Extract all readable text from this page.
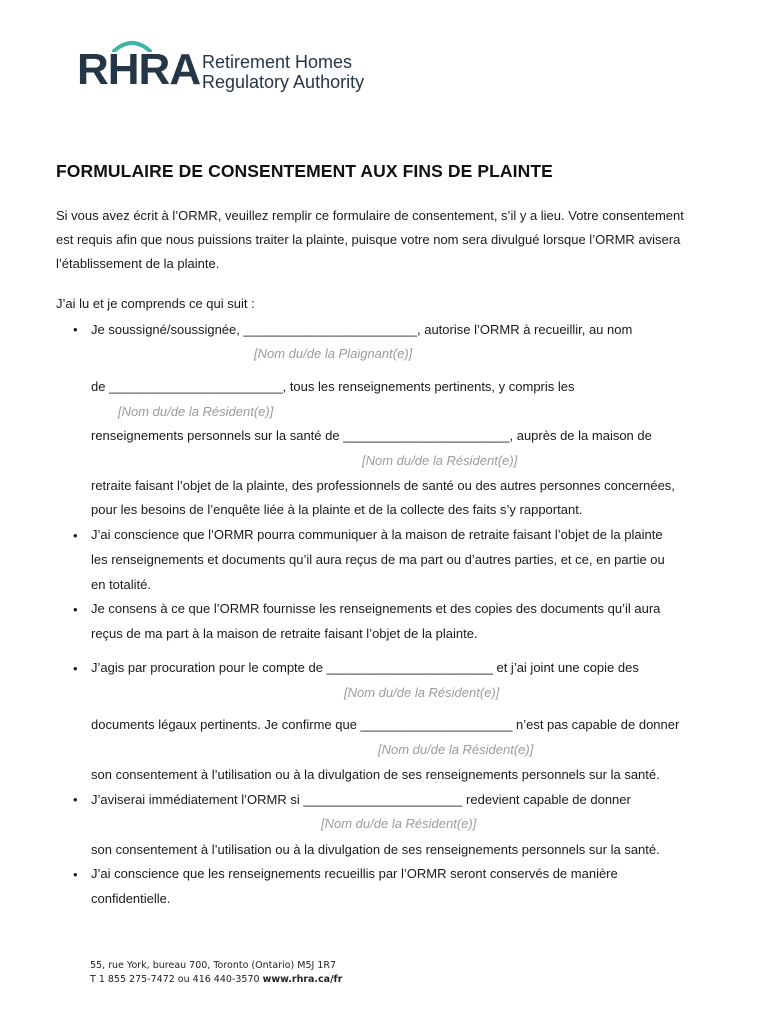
RHRA Retirement Homes
Regulatory Authority
FORMULAIRE DE CONSENTEMENT AUX FINS DE PLAINTE
Si vous avez écrit à l’ORMR, veuillez remplir ce formulaire de consentement, s’il y a lieu. Votre consentement
est requis afin que nous puissions traiter la plainte, puisque votre nom sera divulgué lorsque l’ORMR avisera
l’établissement de la plainte.
J’ai lu et je comprends ce qui suit :
• Je soussigné/soussignée, ________________________, autorise l’ORMR à recueillir, au nom
[Nom du/de la Plaignant(e)]
de ________________________, tous les renseignements pertinents, y compris les
[Nom du/de la Résident(e)]
renseignements personnels sur la santé de _______________________, auprès de la maison de
[Nom du/de la Résident(e)]
retraite faisant l’objet de la plainte, des professionnels de santé ou des autres personnes concernées,
pour les besoins de l’enquête liée à la plainte et de la collecte des faits s’y rapportant.
• J’ai conscience que l’ORMR pourra communiquer à la maison de retraite faisant l’objet de la plainte
les renseignements et documents qu’il aura reçus de ma part ou d’autres parties, et ce, en partie ou
en totalité.
• Je consens à ce que l’ORMR fournisse les renseignements et des copies des documents qu’il aura
reçus de ma part à la maison de retraite faisant l’objet de la plainte.
• J’agis par procuration pour le compte de _______________________ et j’ai joint une copie des
[Nom du/de la Résident(e)]
documents légaux pertinents. Je confirme que _____________________ n’est pas capable de donner
[Nom du/de la Résident(e)]
son consentement à l’utilisation ou à la divulgation de ses renseignements personnels sur la santé.
• J’aviserai immédiatement l’ORMR si ______________________ redevient capable de donner
[Nom du/de la Résident(e)]
son consentement à l’utilisation ou à la divulgation de ses renseignements personnels sur la santé.
• J’ai conscience que les renseignements recueillis par l’ORMR seront conservés de manière
confidentielle.
55, rue York, bureau 700, Toronto (Ontario) M5J 1R7
T 1 855 275-7472 ou 416 440-3570 www.rhra.ca/fr
